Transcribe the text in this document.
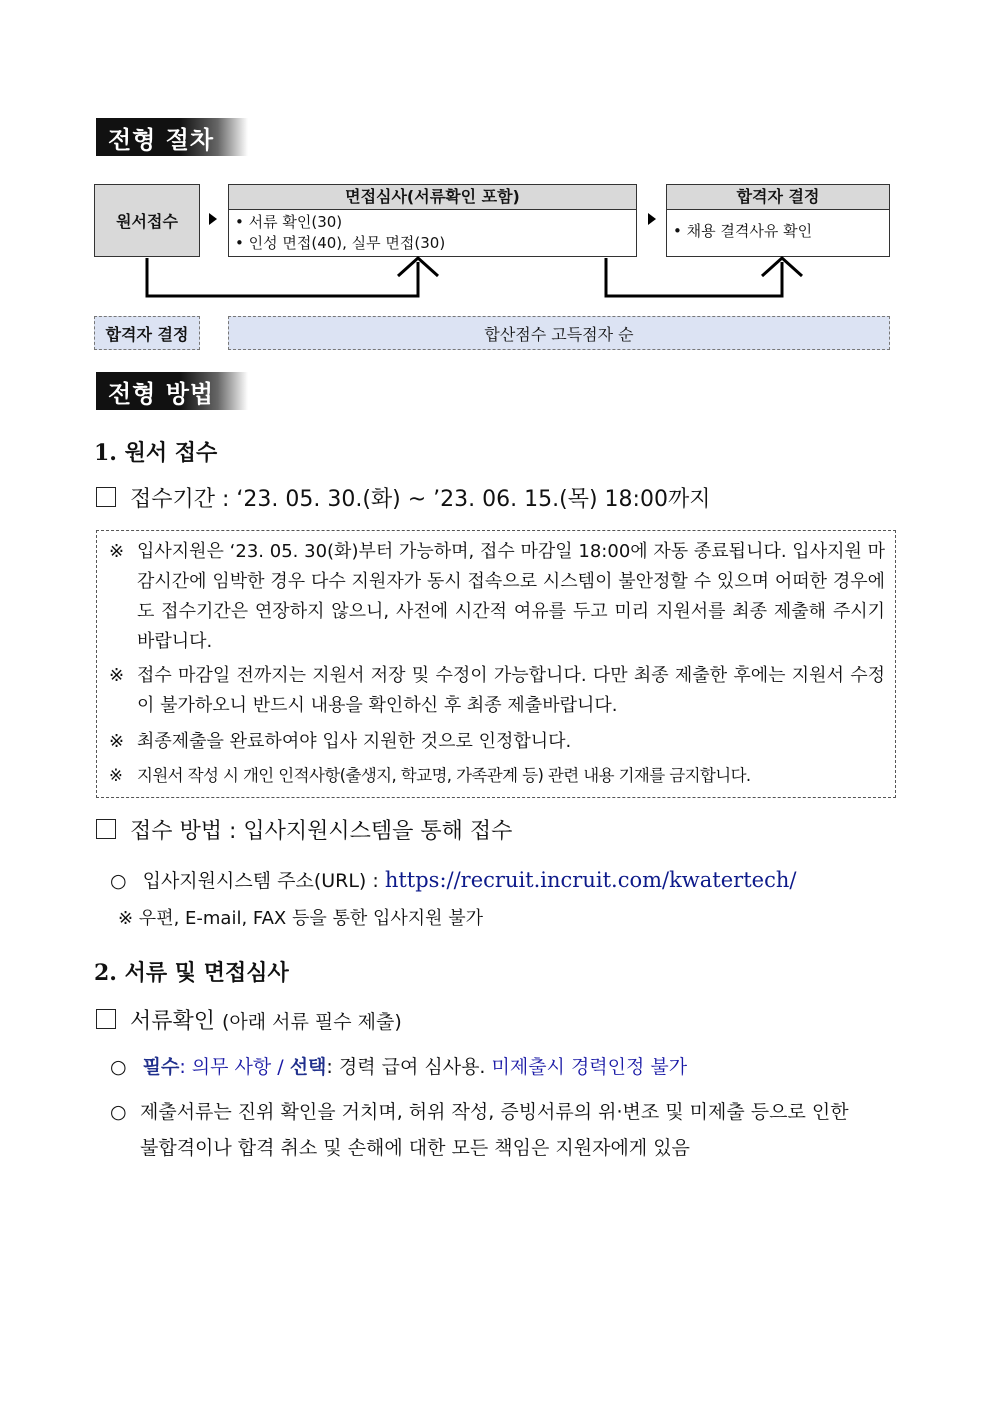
전형 절차
원서접수
면접심사(서류확인 포함)
• 서류 확인(30)
• 인성 면접(40), 실무 면접(30)
합격자 결정
• 채용 결격사유 확인
합격자 결정	합산점수 고득점자 순
전형 방법
1. 원서 접수
접수기간 : ‘23. 05. 30.(화) ~ ’23. 06. 15.(목) 18:00까지
※ 입사지원은 ‘23. 05. 30(화)부터 가능하며, 접수 마감일 18:00에 자동 종료됩니다. 입사지원 마감시간에 임박한 경우 다수 지원자가 동시 접속으로 시스템이 불안정할 수 있으며 어떠한 경우에도 접수기간은 연장하지 않으니, 사전에 시간적 여유를 두고 미리 지원서를 최종 제출해 주시기 바랍니다.
※ 접수 마감일 전까지는 지원서 저장 및 수정이 가능합니다. 다만 최종 제출한 후에는 지원서 수정이 불가하오니 반드시 내용을 확인하신 후 최종 제출바랍니다.
※ 최종제출을 완료하여야 입사 지원한 것으로 인정합니다.
※ 지원서 작성 시 개인 인적사항(출생지, 학교명, 가족관계 등) 관련 내용 기재를 금지합니다.
접수 방법 : 입사지원시스템을 통해 접수
○ 입사지원시스템 주소(URL) : https://recruit.incruit.com/kwatertech/
※ 우편, E-mail, FAX 등을 통한 입사지원 불가
2. 서류 및 면접심사
서류확인 (아래 서류 필수 제출)
○ 필수: 의무 사항 / 선택: 경력 급여 심사용. 미제출시 경력인정 불가
○ 제출서류는 진위 확인을 거치며, 허위 작성, 증빙서류의 위·변조 및 미제출 등으로 인한 불합격이나 합격 취소 및 손해에 대한 모든 책임은 지원자에게 있음
